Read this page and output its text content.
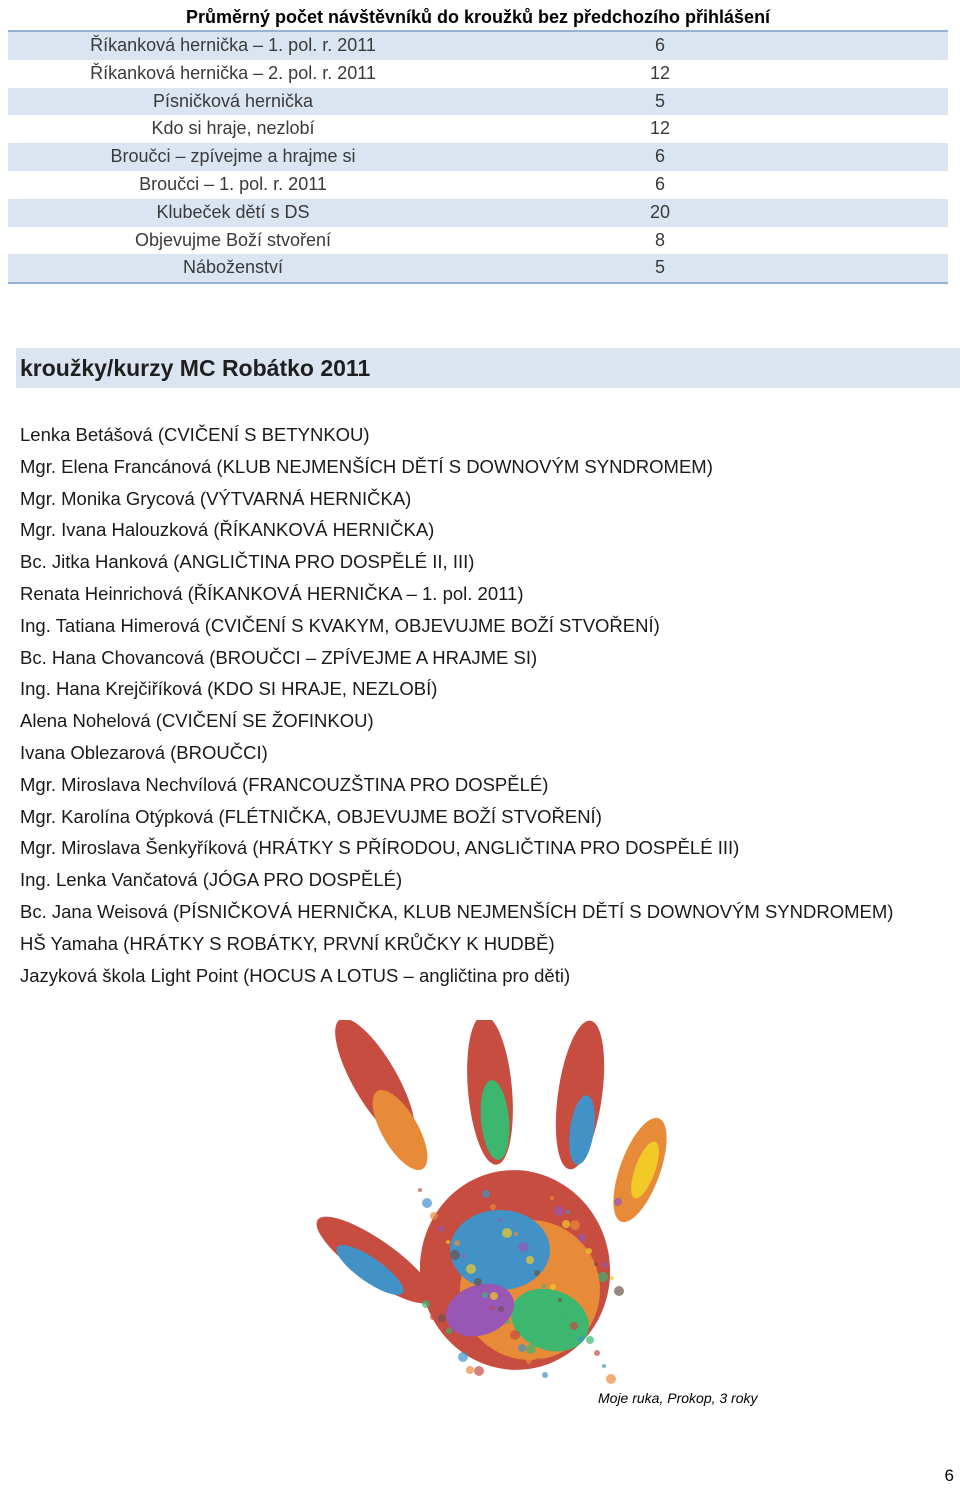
Průměrný počet návštěvníků do kroužků bez předchozího přihlášení
Říkanková hernička – 1. pol. r. 2011	6
Říkanková hernička – 2. pol. r. 2011	12
Písničková hernička	5
Kdo si hraje, nezlobí	12
Broučci – zpívejme a hrajme si	6
Broučci – 1. pol. r. 2011	6
Klubeček dětí s DS	20
Objevujme Boží stvoření	8
Náboženství	5
kroužky/kurzy MC Robátko 2011
Lenka Betášová (CVIČENÍ S BETYNKOU)
Mgr. Elena Francánová (KLUB NEJMENŠÍCH DĚTÍ S DOWNOVÝM SYNDROMEM)
Mgr. Monika Grycová (VÝTVARNÁ HERNIČKA)
Mgr. Ivana Halouzková (ŘÍKANKOVÁ HERNIČKA)
Bc. Jitka Hanková (ANGLIČTINA PRO DOSPĚLÉ II, III)
Renata Heinrichová (ŘÍKANKOVÁ HERNIČKA – 1. pol. 2011)
Ing. Tatiana Himerová (CVIČENÍ S KVAKYM, OBJEVUJME BOŽÍ STVOŘENÍ)
Bc. Hana Chovancová (BROUČCI – ZPÍVEJME A HRAJME SI)
Ing. Hana Krejčiříková (KDO SI HRAJE, NEZLOBÍ)
Alena Nohelová (CVIČENÍ SE ŽOFINKOU)
Ivana Oblezarová (BROUČCI)
Mgr. Miroslava Nechvílová (FRANCOUZŠTINA PRO DOSPĚLÉ)
Mgr. Karolína Otýpková (FLÉTNIČKA, OBJEVUJME BOŽÍ STVOŘENÍ)
Mgr. Miroslava Šenkyříková (HRÁTKY S PŘÍRODOU, ANGLIČTINA PRO DOSPĚLÉ III)
Ing. Lenka Vančatová (JÓGA PRO DOSPĚLÉ)
Bc. Jana Weisová (PÍSNIČKOVÁ HERNIČKA, KLUB NEJMENŠÍCH DĚTÍ S DOWNOVÝM SYNDROMEM)
HŠ Yamaha (HRÁTKY S ROBÁTKY, PRVNÍ KRŮČKY K HUDBĚ)
Jazyková škola Light Point (HOCUS A LOTUS – angličtina pro děti)
Moje ruka, Prokop, 3 roky
6
